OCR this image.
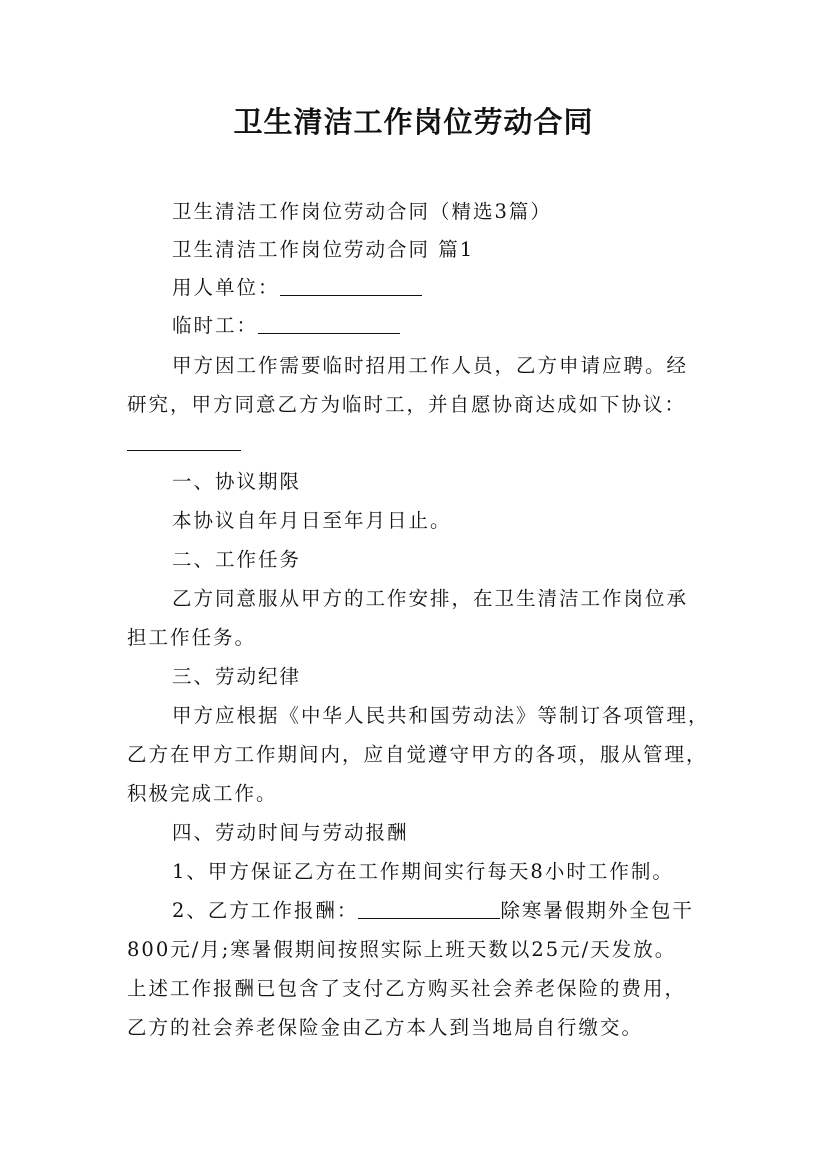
卫生清洁工作岗位劳动合同
卫生清洁工作岗位劳动合同（精选3篇）
卫生清洁工作岗位劳动合同 篇1
用人单位：
临时工：
甲方因工作需要临时招用工作人员，乙方申请应聘。经
研究，甲方同意乙方为临时工，并自愿协商达成如下协议：
一、协议期限
本协议自年月日至年月日止。
二、工作任务
乙方同意服从甲方的工作安排，在卫生清洁工作岗位承
担工作任务。
三、劳动纪律
甲方应根据《中华人民共和国劳动法》等制订各项管理，
乙方在甲方工作期间内，应自觉遵守甲方的各项，服从管理，
积极完成工作。
四、劳动时间与劳动报酬
1、甲方保证乙方在工作期间实行每天8小时工作制。
2、乙方工作报酬：	除寒暑假期外全包干
800元/月;寒暑假期间按照实际上班天数以25元/天发放。
上述工作报酬已包含了支付乙方购买社会养老保险的费用，
乙方的社会养老保险金由乙方本人到当地局自行缴交。
